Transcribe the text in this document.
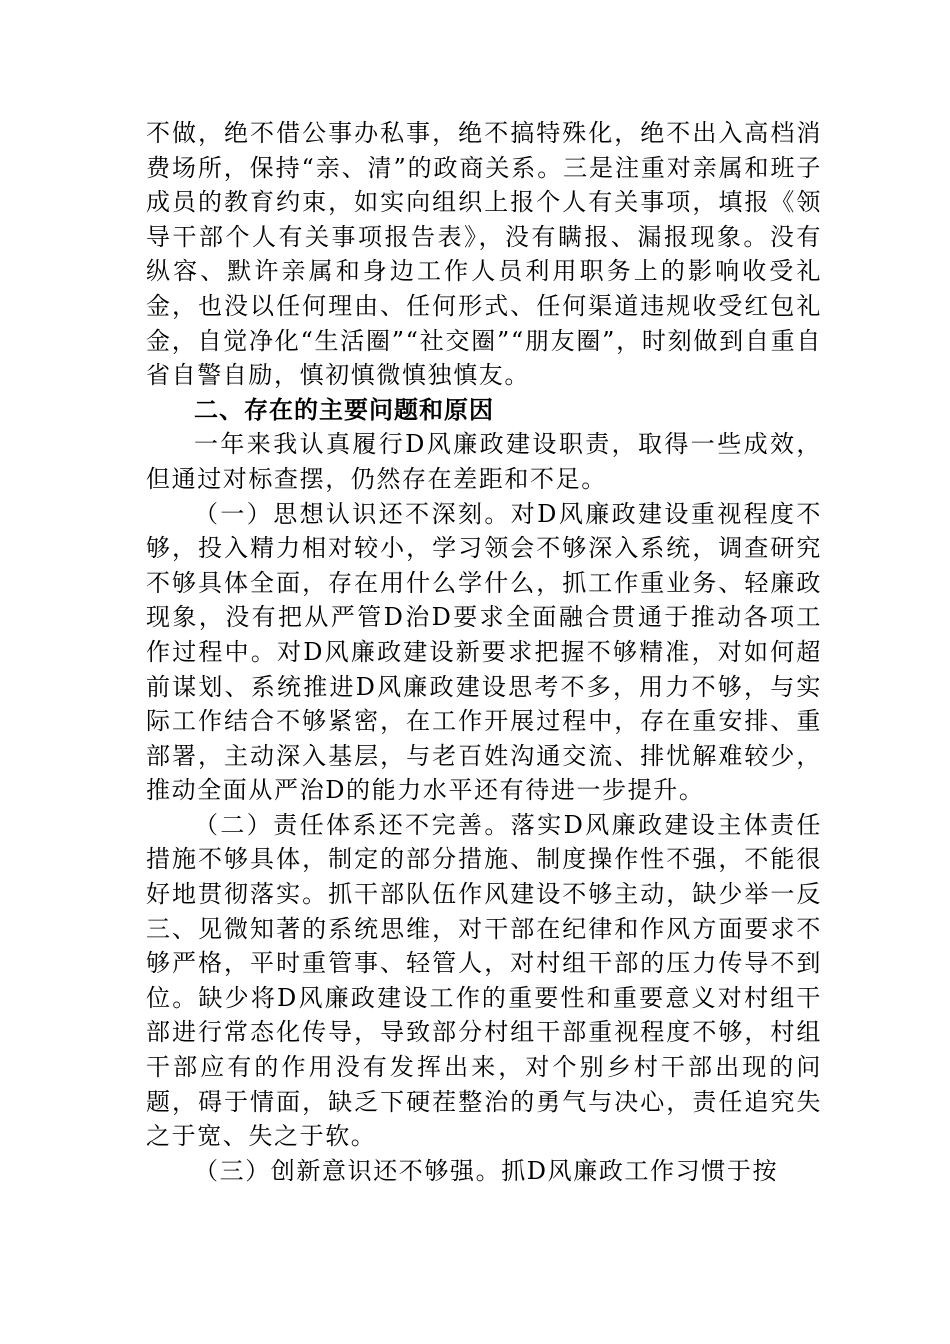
不做，绝不借公事办私事，绝不搞特殊化，绝不出入高档消费场所，保持“亲、清”的政商关系。三是注重对亲属和班子成员的教育约束，如实向组织上报个人有关事项，填报《领导干部个人有关事项报告表》，没有瞒报、漏报现象。没有纵容、默许亲属和身边工作人员利用职务上的影响收受礼金，也没以任何理由、任何形式、任何渠道违规收受红包礼金，自觉净化“生活圈”“社交圈”“朋友圈”，时刻做到自重自省自警自励，慎初慎微慎独慎友。

二、存在的主要问题和原因

一年来我认真履行D风廉政建设职责，取得一些成效，但通过对标查摆，仍然存在差距和不足。

（一）思想认识还不深刻。对D风廉政建设重视程度不够，投入精力相对较小，学习领会不够深入系统，调查研究不够具体全面，存在用什么学什么，抓工作重业务、轻廉政现象，没有把从严管D治D要求全面融合贯通于推动各项工作过程中。对D风廉政建设新要求把握不够精准，对如何超前谋划、系统推进D风廉政建设思考不多，用力不够，与实际工作结合不够紧密，在工作开展过程中，存在重安排、重部署，主动深入基层，与老百姓沟通交流、排忧解难较少，推动全面从严治D的能力水平还有待进一步提升。

（二）责任体系还不完善。落实D风廉政建设主体责任措施不够具体，制定的部分措施、制度操作性不强，不能很好地贯彻落实。抓干部队伍作风建设不够主动，缺少举一反三、见微知著的系统思维，对干部在纪律和作风方面要求不够严格，平时重管事、轻管人，对村组干部的压力传导不到位。缺少将D风廉政建设工作的重要性和重要意义对村组干部进行常态化传导，导致部分村组干部重视程度不够，村组干部应有的作用没有发挥出来，对个别乡村干部出现的问题，碍于情面，缺乏下硬茬整治的勇气与决心，责任追究失之于宽、失之于软。

（三）创新意识还不够强。抓D风廉政工作习惯于按
